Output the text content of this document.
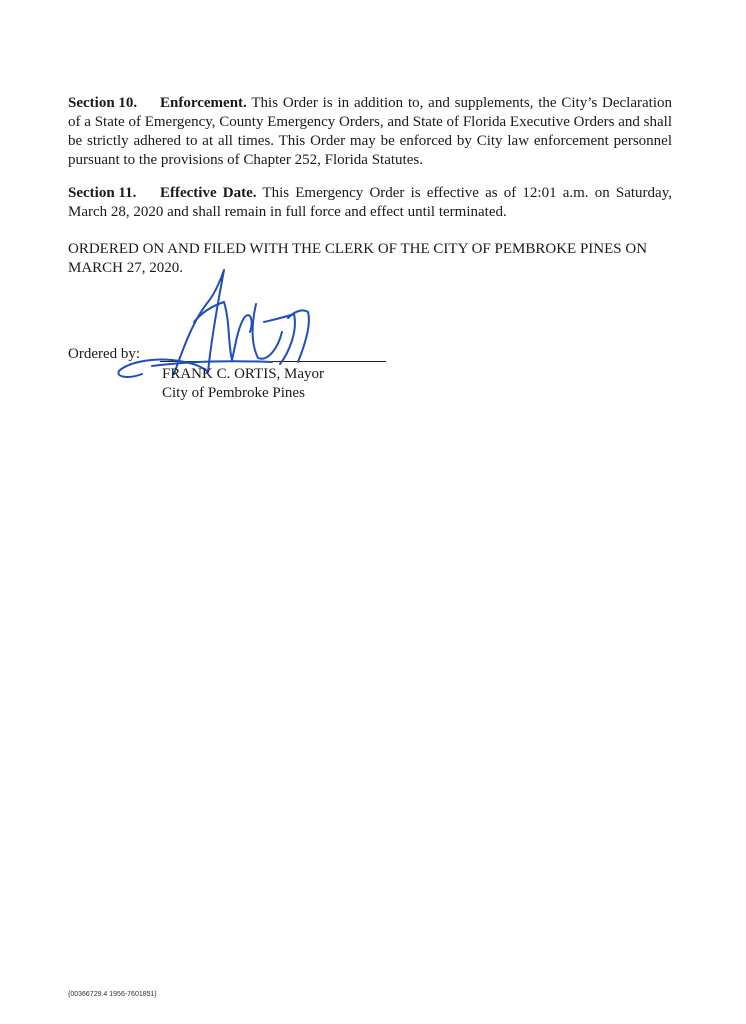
Section 10. Enforcement. This Order is in addition to, and supplements, the City’s Declaration of a State of Emergency, County Emergency Orders, and State of Florida Executive Orders and shall be strictly adhered to at all times. This Order may be enforced by City law enforcement personnel pursuant to the provisions of Chapter 252, Florida Statutes.
Section 11. Effective Date. This Emergency Order is effective as of 12:01 a.m. on Saturday, March 28, 2020 and shall remain in full force and effect until terminated.
ORDERED ON AND FILED WITH THE CLERK OF THE CITY OF PEMBROKE PINES ON MARCH 27, 2020.
Ordered by:
FRANK C. ORTIS, Mayor
City of Pembroke Pines
{00366729.4 1956-7601851}
